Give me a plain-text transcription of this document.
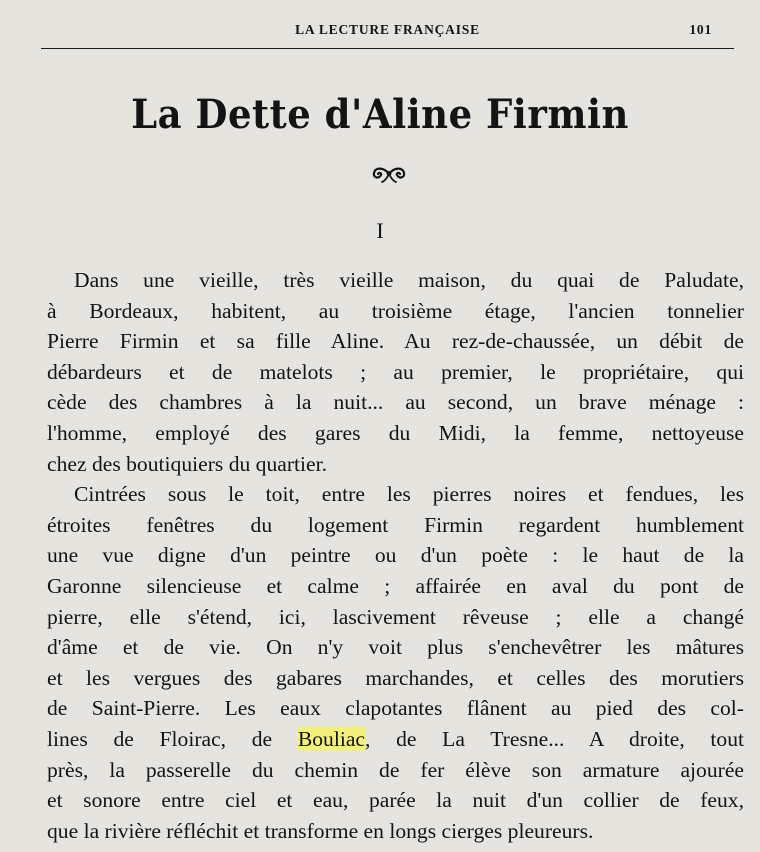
LA LECTURE FRANÇAISE	101
La Dette d'Aline Firmin
I
Dans une vieille, très vieille maison, du quai de Paludate,
à Bordeaux, habitent, au troisième étage, l'ancien tonnelier
Pierre Firmin et sa fille Aline. Au rez-de-chaussée, un débit de
débardeurs et de matelots ; au premier, le propriétaire, qui
cède des chambres à la nuit... au second, un brave ménage :
l'homme, employé des gares du Midi, la femme, nettoyeuse
chez des boutiquiers du quartier.
Cintrées sous le toit, entre les pierres noires et fendues, les
étroites fenêtres du logement Firmin regardent humblement
une vue digne d'un peintre ou d'un poète : le haut de la
Garonne silencieuse et calme ; affairée en aval du pont de
pierre, elle s'étend, ici, lascivement rêveuse ; elle a changé
d'âme et de vie. On n'y voit plus s'enchevêtrer les mâtures
et les vergues des gabares marchandes, et celles des morutiers
de Saint-Pierre. Les eaux clapotantes flânent au pied des col-
lines de Floirac, de Bouliac, de La Tresne... A droite, tout
près, la passerelle du chemin de fer élève son armature ajourée
et sonore entre ciel et eau, parée la nuit d'un collier de feux,
que la rivière réfléchit et transforme en longs cierges pleureurs.
